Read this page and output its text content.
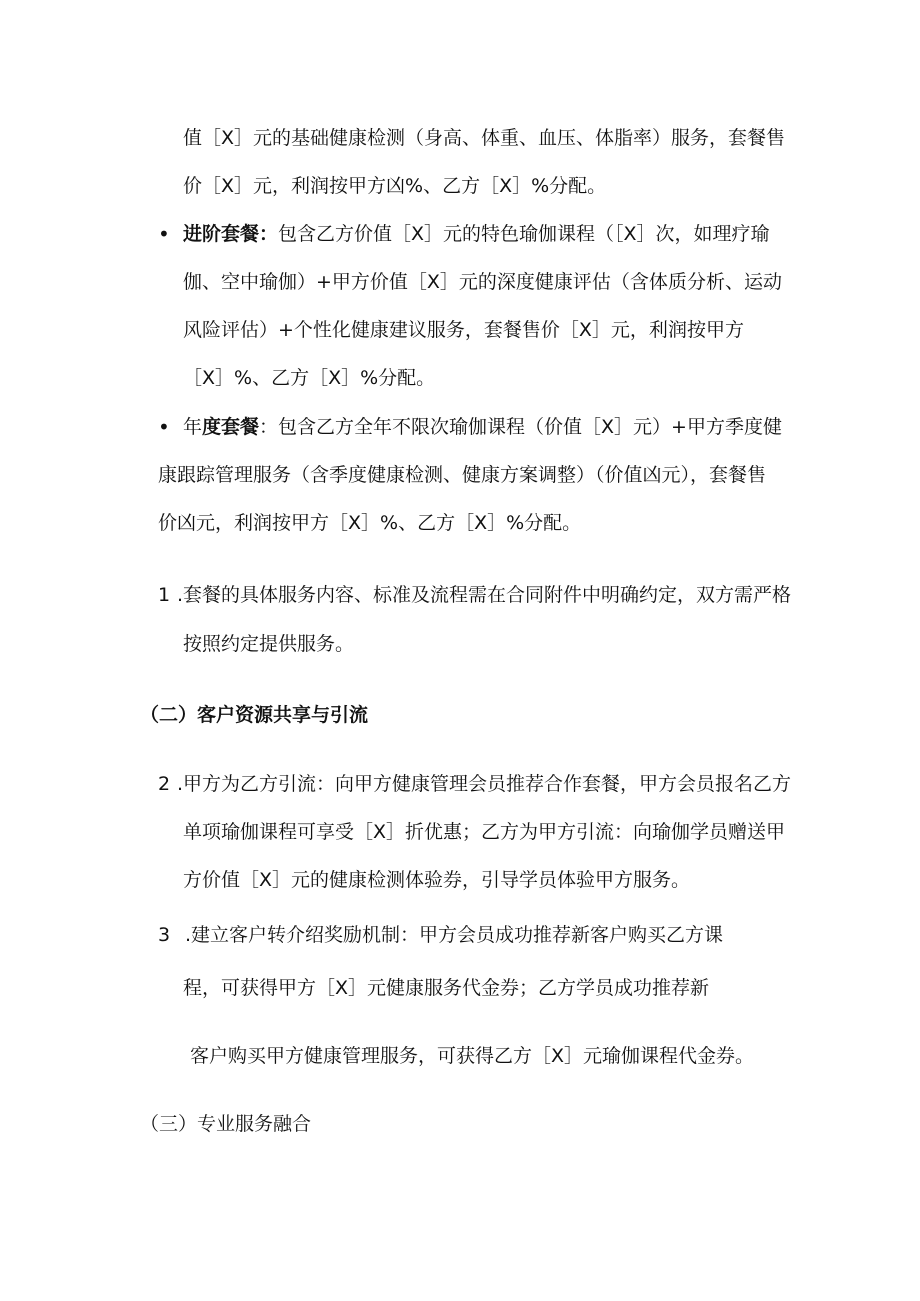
值［X］元的基础健康检测（身高、体重、血压、体脂率）服务，套餐售
价［X］元，利润按甲方凶%、乙方［X］%分配。
• 进阶套餐：包含乙方价值［X］元的特色瑜伽课程（［X］次，如理疗瑜
伽、空中瑜伽）+甲方价值［X］元的深度健康评估（含体质分析、运动
风险评估）+个性化健康建议服务，套餐售价［X］元，利润按甲方
［X］%、乙方［X］%分配。
• 年度套餐：包含乙方全年不限次瑜伽课程（价值［X］元）+甲方季度健
康跟踪管理服务（含季度健康检测、健康方案调整）（价值凶元），套餐售
价凶元，利润按甲方［X］%、乙方［X］%分配。
1 .套餐的具体服务内容、标准及流程需在合同附件中明确约定，双方需严格
按照约定提供服务。
（二）客户资源共享与引流
2 .甲方为乙方引流：向甲方健康管理会员推荐合作套餐，甲方会员报名乙方
单项瑜伽课程可享受［X］折优惠；乙方为甲方引流：向瑜伽学员赠送甲
方价值［X］元的健康检测体验券，引导学员体验甲方服务。
3 .建立客户转介绍奖励机制：甲方会员成功推荐新客户购买乙方课
程，可获得甲方［X］元健康服务代金券；乙方学员成功推荐新
客户购买甲方健康管理服务，可获得乙方［X］元瑜伽课程代金券。
（三）专业服务融合
